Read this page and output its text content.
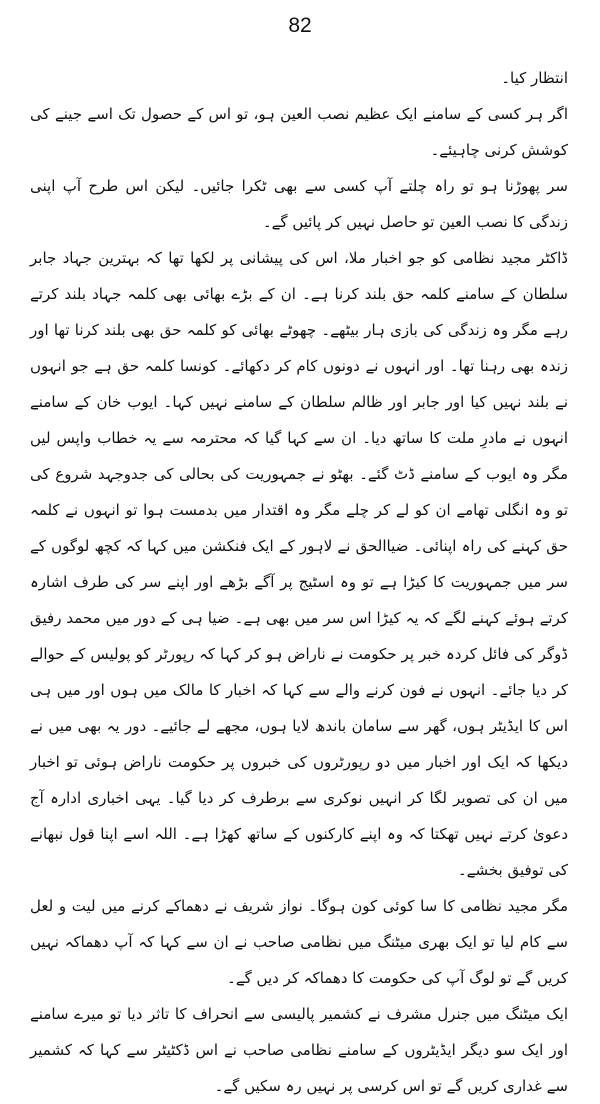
82

انتظار کیا۔

اگر ہر کسی کے سامنے ایک عظیم نصب العین ہو، تو اس کے حصول تک اسے جینے کی کوشش کرنی چاہیئے۔

سر پھوڑنا ہو تو راہ چلتے آپ کسی سے بھی ٹکرا جائیں۔ لیکن اس طرح آپ اپنی زندگی کا نصب العین تو حاصل نہیں کر پائیں گے۔

ڈاکٹر مجید نظامی کو جو اخبار ملا، اس کی پیشانی پر لکھا تھا کہ بہترین جہاد جابر سلطان کے سامنے کلمہ حق بلند کرنا ہے۔ ان کے بڑے بھائی بھی کلمہ جہاد بلند کرتے رہے مگر وہ زندگی کی بازی ہار بیٹھے۔ چھوٹے بھائی کو کلمہ حق بھی بلند کرنا تھا اور زندہ بھی رہنا تھا۔ اور انہوں نے دونوں کام کر دکھائے۔ کونسا کلمہ حق ہے جو انہوں نے بلند نہیں کیا اور جابر اور ظالم سلطان کے سامنے نہیں کہا۔ ایوب خان کے سامنے انہوں نے مادرِ ملت کا ساتھ دیا۔ ان سے کہا گیا کہ محترمہ سے یہ خطاب واپس لیں مگر وہ ایوب کے سامنے ڈٹ گئے۔ بھٹو نے جمہوریت کی بحالی کی جدوجہد شروع کی تو وہ انگلی تھامے ان کو لے کر چلے مگر وہ اقتدار میں بدمست ہوا تو انہوں نے کلمہ حق کہنے کی راہ اپنائی۔ ضیاالحق نے لاہور کے ایک فنکشن میں کہا کہ کچھ لوگوں کے سر میں جمہوریت کا کیڑا ہے تو وہ اسٹیج پر آگے بڑھے اور اپنے سر کی طرف اشارہ کرتے ہوئے کہنے لگے کہ یہ کیڑا اس سر میں بھی ہے۔ ضیا ہی کے دور میں محمد رفیق ڈوگر کی فائل کردہ خبر پر حکومت نے ناراض ہو کر کہا کہ رپورٹر کو پولیس کے حوالے کر دیا جائے۔ انہوں نے فون کرنے والے سے کہا کہ اخبار کا مالک میں ہوں اور میں ہی اس کا ایڈیٹر ہوں، گھر سے سامان باندھ لایا ہوں، مجھے لے جائیے۔ دور یہ بھی میں نے دیکھا کہ ایک اور اخبار میں دو رپورٹروں کی خبروں پر حکومت ناراض ہوئی تو اخبار میں ان کی تصویر لگا کر انہیں نوکری سے برطرف کر دیا گیا۔ یہی اخباری ادارہ آج دعویٰ کرتے نہیں تھکتا کہ وہ اپنے کارکنوں کے ساتھ کھڑا ہے۔ اللہ اسے اپنا قول نبھانے کی توفیق بخشے۔

مگر مجید نظامی کا سا کوئی کون ہوگا۔ نواز شریف نے دھماکے کرنے میں لیت و لعل سے کام لیا تو ایک بھری میٹنگ میں نظامی صاحب نے ان سے کہا کہ آپ دھماکہ نہیں کریں گے تو لوگ آپ کی حکومت کا دھماکہ کر دیں گے۔

ایک میٹنگ میں جنرل مشرف نے کشمیر پالیسی سے انحراف کا تاثر دیا تو میرے سامنے اور ایک سو دیگر ایڈیٹروں کے سامنے نظامی صاحب نے اس ڈکٹیٹر سے کہا کہ کشمیر سے غداری کریں گے تو اس کرسی پر نہیں رہ سکیں گے۔
